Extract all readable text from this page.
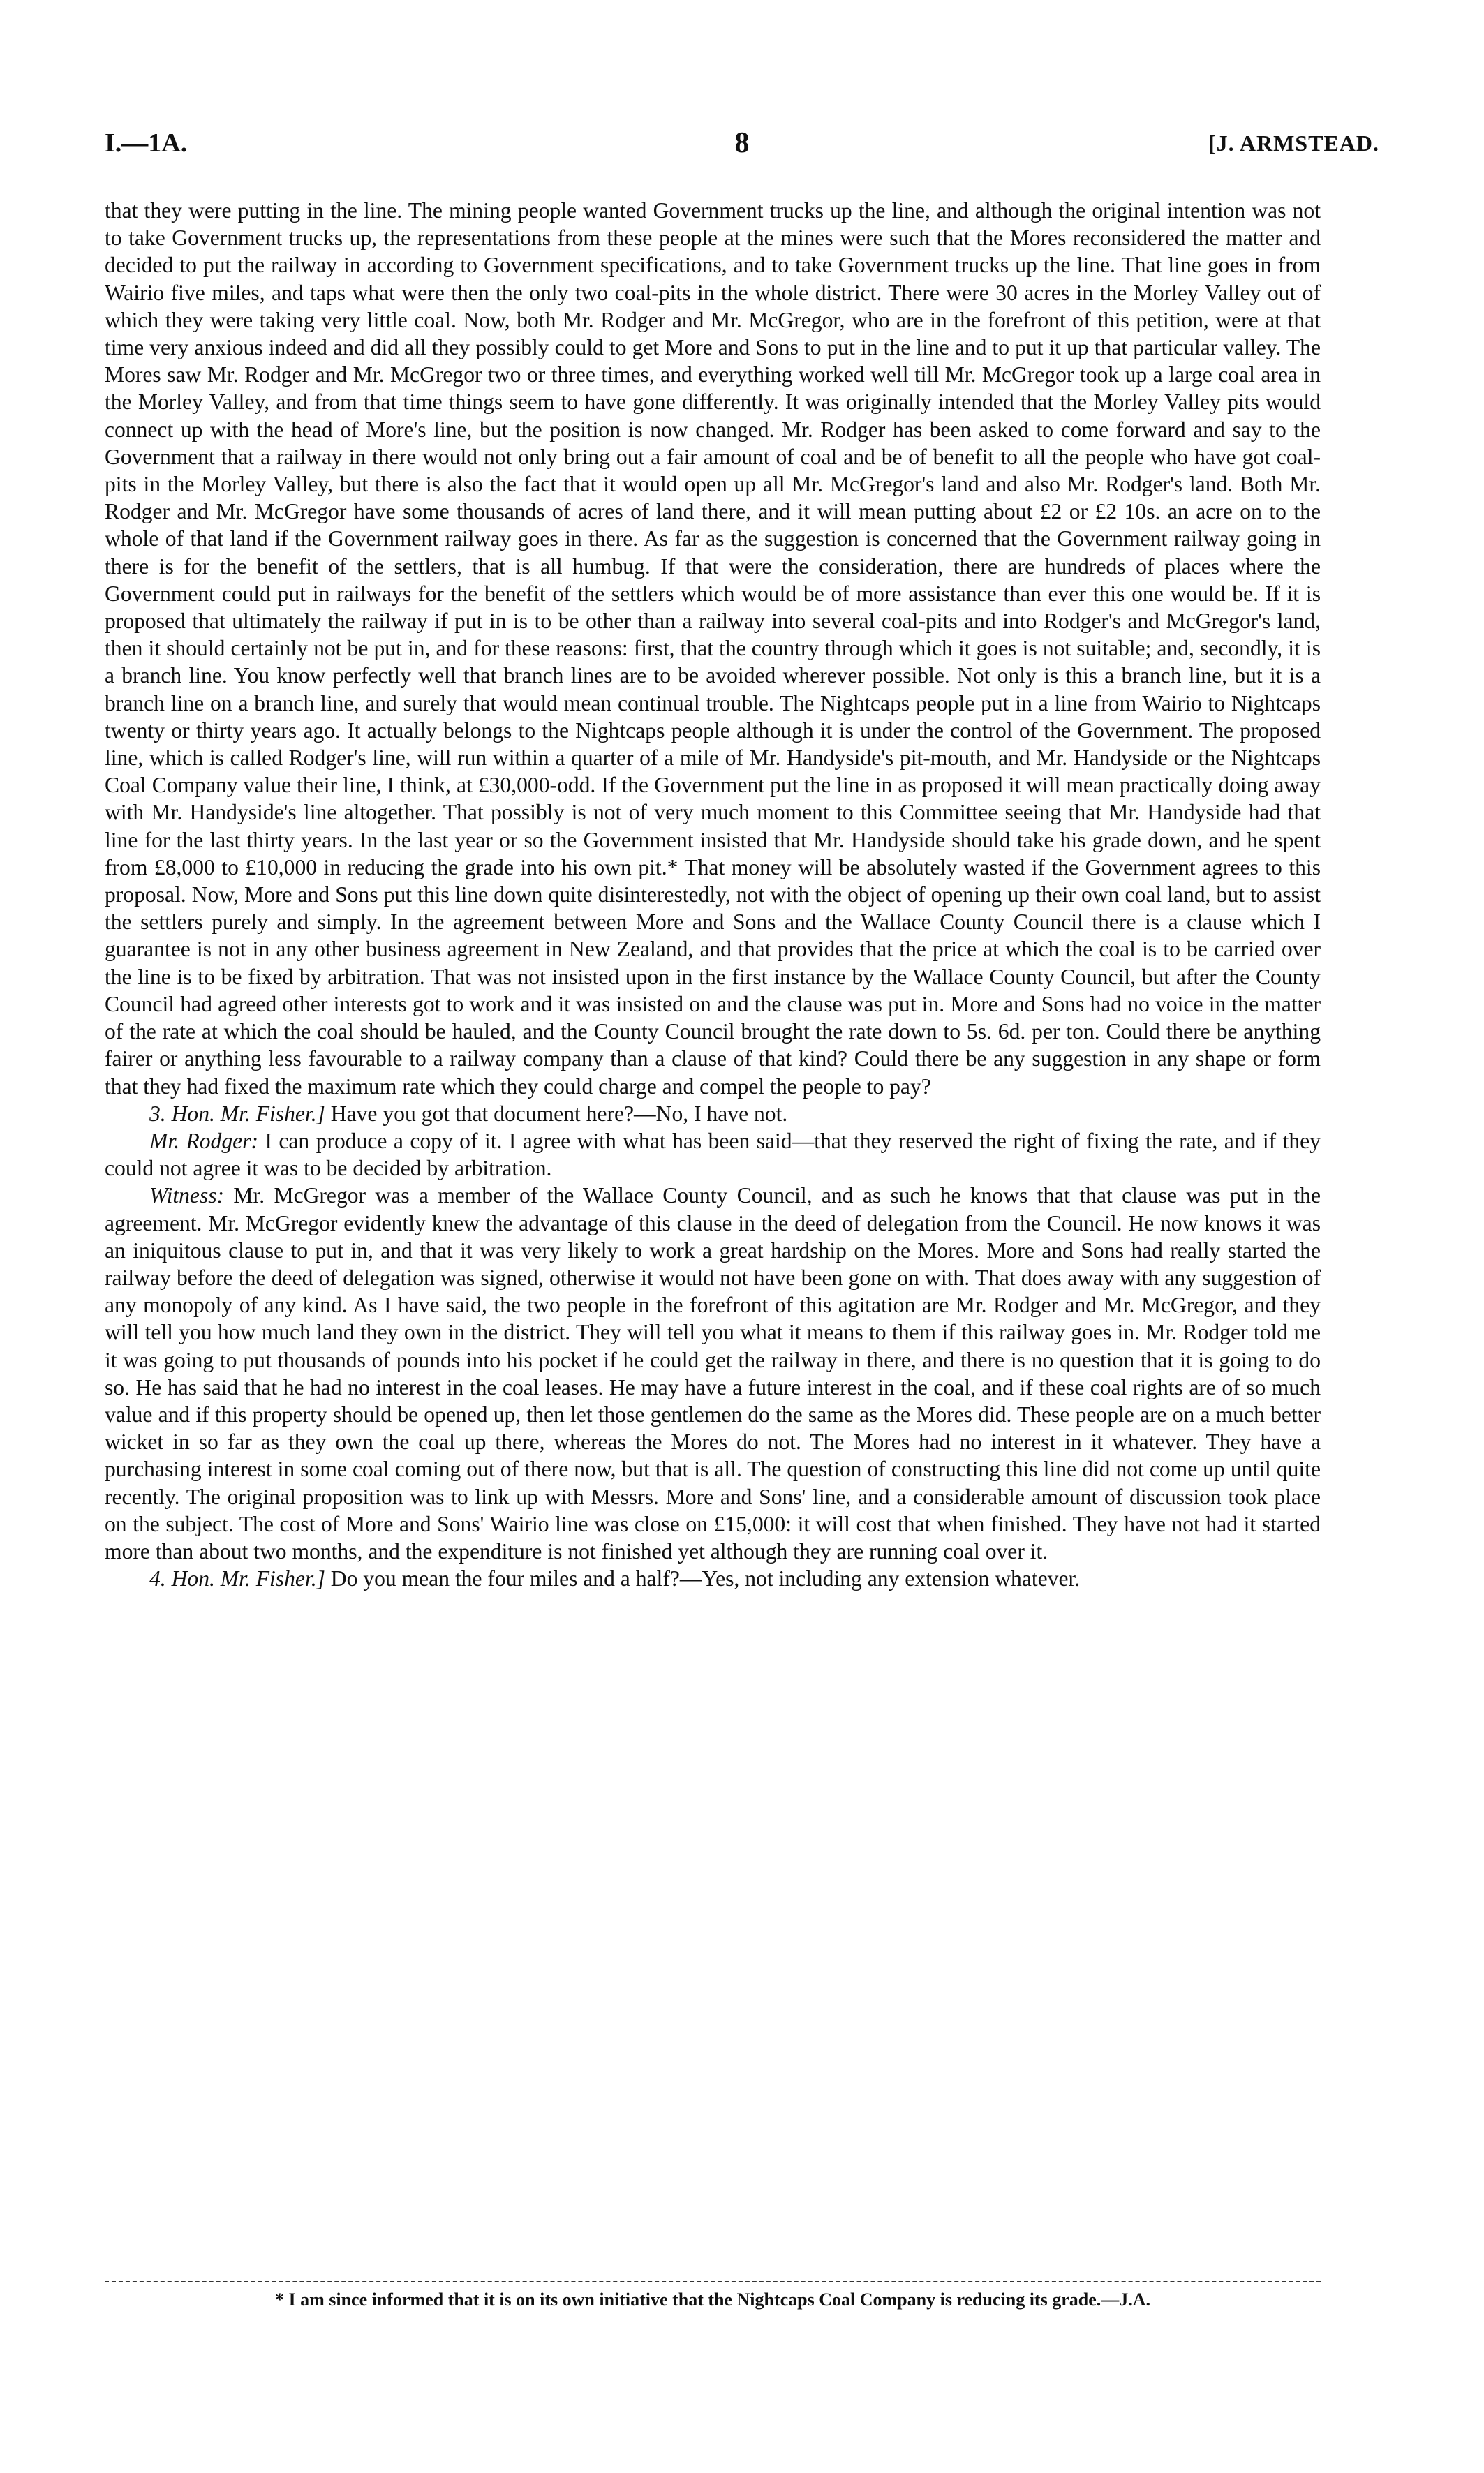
I.—1A.	8	[J. ARMSTEAD.

that they were putting in the line. The mining people wanted Government trucks up the line, and although the original intention was not to take Government trucks up, the representations from these people at the mines were such that the Mores reconsidered the matter and decided to put the railway in according to Government specifications, and to take Government trucks up the line. That line goes in from Wairio five miles, and taps what were then the only two coal-pits in the whole district. There were 30 acres in the Morley Valley out of which they were taking very little coal. Now, both Mr. Rodger and Mr. McGregor, who are in the forefront of this petition, were at that time very anxious indeed and did all they possibly could to get More and Sons to put in the line and to put it up that particular valley. The Mores saw Mr. Rodger and Mr. McGregor two or three times, and everything worked well till Mr. McGregor took up a large coal area in the Morley Valley, and from that time things seem to have gone differently. It was originally intended that the Morley Valley pits would connect up with the head of More's line, but the position is now changed. Mr. Rodger has been asked to come forward and say to the Government that a railway in there would not only bring out a fair amount of coal and be of benefit to all the people who have got coal-pits in the Morley Valley, but there is also the fact that it would open up all Mr. McGregor's land and also Mr. Rodger's land. Both Mr. Rodger and Mr. McGregor have some thousands of acres of land there, and it will mean putting about £2 or £2 10s. an acre on to the whole of that land if the Government railway goes in there. As far as the suggestion is concerned that the Government railway going in there is for the benefit of the settlers, that is all humbug. If that were the consideration, there are hundreds of places where the Government could put in railways for the benefit of the settlers which would be of more assistance than ever this one would be. If it is proposed that ultimately the railway if put in is to be other than a railway into several coal-pits and into Rodger's and McGregor's land, then it should certainly not be put in, and for these reasons: first, that the country through which it goes is not suitable; and, secondly, it is a branch line. You know perfectly well that branch lines are to be avoided wherever possible. Not only is this a branch line, but it is a branch line on a branch line, and surely that would mean continual trouble. The Nightcaps people put in a line from Wairio to Nightcaps twenty or thirty years ago. It actually belongs to the Nightcaps people although it is under the control of the Government. The proposed line, which is called Rodger's line, will run within a quarter of a mile of Mr. Handyside's pit-mouth, and Mr. Handyside or the Nightcaps Coal Company value their line, I think, at £30,000-odd. If the Government put the line in as proposed it will mean practically doing away with Mr. Handyside's line altogether. That possibly is not of very much moment to this Committee seeing that Mr. Handyside had that line for the last thirty years. In the last year or so the Government insisted that Mr. Handyside should take his grade down, and he spent from £8,000 to £10,000 in reducing the grade into his own pit.* That money will be absolutely wasted if the Government agrees to this proposal. Now, More and Sons put this line down quite disinterestedly, not with the object of opening up their own coal land, but to assist the settlers purely and simply. In the agreement between More and Sons and the Wallace County Council there is a clause which I guarantee is not in any other business agreement in New Zealand, and that provides that the price at which the coal is to be carried over the line is to be fixed by arbitration. That was not insisted upon in the first instance by the Wallace County Council, but after the County Council had agreed other interests got to work and it was insisted on and the clause was put in. More and Sons had no voice in the matter of the rate at which the coal should be hauled, and the County Council brought the rate down to 5s. 6d. per ton. Could there be anything fairer or anything less favourable to a railway company than a clause of that kind? Could there be any suggestion in any shape or form that they had fixed the maximum rate which they could charge and compel the people to pay?

3. Hon. Mr. Fisher.] Have you got that document here?—No, I have not.

Mr. Rodger: I can produce a copy of it. I agree with what has been said—that they reserved the right of fixing the rate, and if they could not agree it was to be decided by arbitration.

Witness: Mr. McGregor was a member of the Wallace County Council, and as such he knows that that clause was put in the agreement. Mr. McGregor evidently knew the advantage of this clause in the deed of delegation from the Council. He now knows it was an iniquitous clause to put in, and that it was very likely to work a great hardship on the Mores. More and Sons had really started the railway before the deed of delegation was signed, otherwise it would not have been gone on with. That does away with any suggestion of any monopoly of any kind. As I have said, the two people in the forefront of this agitation are Mr. Rodger and Mr. McGregor, and they will tell you how much land they own in the district. They will tell you what it means to them if this railway goes in. Mr. Rodger told me it was going to put thousands of pounds into his pocket if he could get the railway in there, and there is no question that it is going to do so. He has said that he had no interest in the coal leases. He may have a future interest in the coal, and if these coal rights are of so much value and if this property should be opened up, then let those gentlemen do the same as the Mores did. These people are on a much better wicket in so far as they own the coal up there, whereas the Mores do not. The Mores had no interest in it whatever. They have a purchasing interest in some coal coming out of there now, but that is all. The question of constructing this line did not come up until quite recently. The original proposition was to link up with Messrs. More and Sons' line, and a considerable amount of discussion took place on the subject. The cost of More and Sons' Wairio line was close on £15,000: it will cost that when finished. They have not had it started more than about two months, and the expenditure is not finished yet although they are running coal over it.

4. Hon. Mr. Fisher.] Do you mean the four miles and a half?—Yes, not including any extension whatever.

* I am since informed that it is on its own initiative that the Nightcaps Coal Company is reducing its grade.—J.A.
